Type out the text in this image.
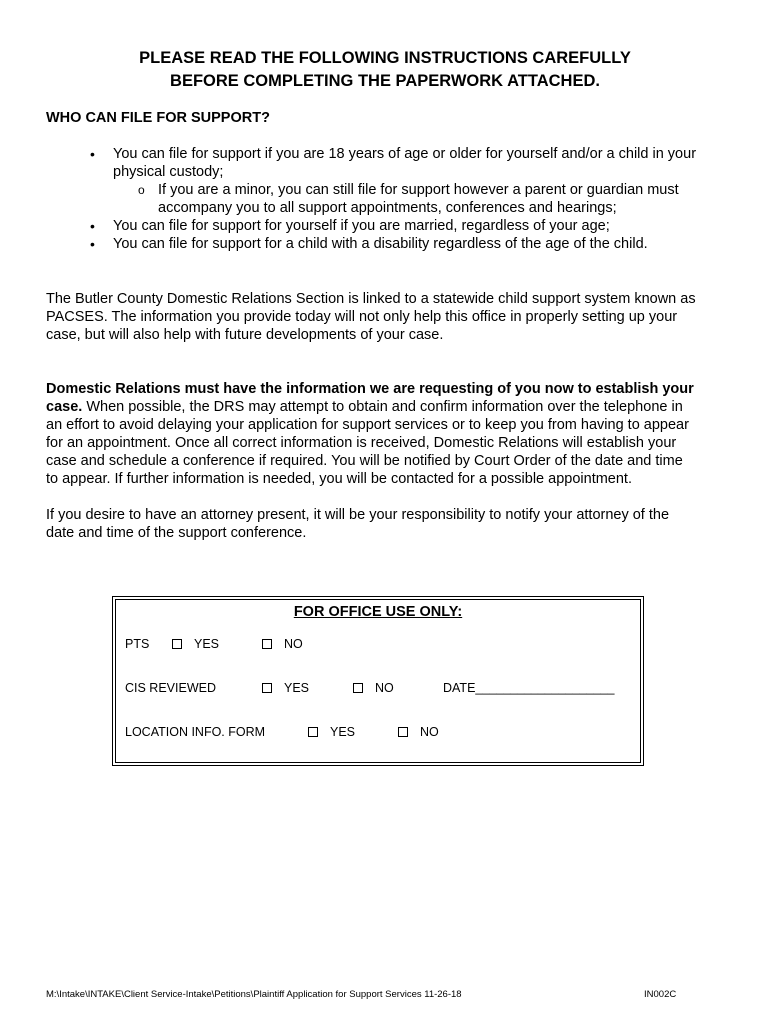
PLEASE READ THE FOLLOWING INSTRUCTIONS CAREFULLY
BEFORE COMPLETING THE PAPERWORK ATTACHED.
WHO CAN FILE FOR SUPPORT?
• You can file for support if you are 18 years of age or older for yourself and/or a child in your
physical custody;
o If you are a minor, you can still file for support however a parent or guardian must
accompany you to all support appointments, conferences and hearings;
• You can file for support for yourself if you are married, regardless of your age;
• You can file for support for a child with a disability regardless of the age of the child.
The Butler County Domestic Relations Section is linked to a statewide child support system known as
PACSES. The information you provide today will not only help this office in properly setting up your
case, but will also help with future developments of your case.
Domestic Relations must have the information we are requesting of you now to establish your
case. When possible, the DRS may attempt to obtain and confirm information over the telephone in
an effort to avoid delaying your application for support services or to keep you from having to appear
for an appointment. Once all correct information is received, Domestic Relations will establish your
case and schedule a conference if required. You will be notified by Court Order of the date and time
to appear. If further information is needed, you will be contacted for a possible appointment.
If you desire to have an attorney present, it will be your responsibility to notify your attorney of the
date and time of the support conference.
FOR OFFICE USE ONLY:
PTS	YES	NO
CIS REVIEWED	YES	NO	DATE____________________
LOCATION INFO. FORM	YES	NO
M:\Intake\INTAKE\Client Service-Intake\Petitions\Plaintiff Application for Support Services 11-26-18	IN002C
